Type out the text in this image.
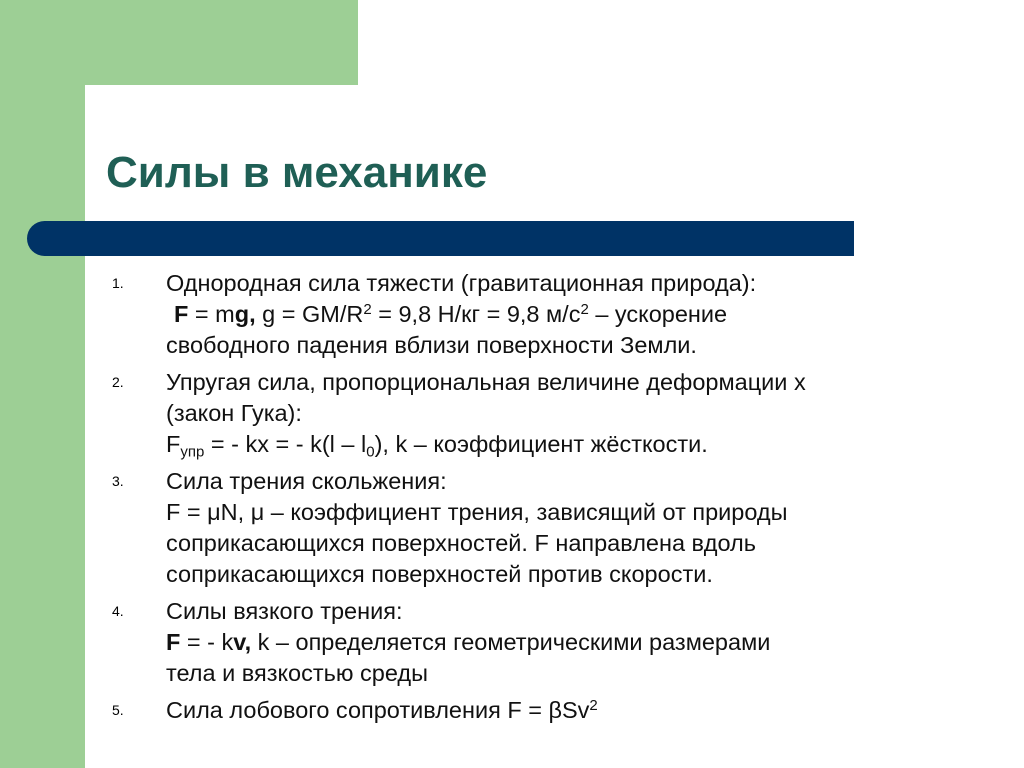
Силы в механике
1.	Однородная сила тяжести (гравитационная природа):
F = mg, $g = GM/R^2 = 9,8$ Н/кг = 9,8 $м/с^2$ – ускорение
свободного падения вблизи поверхности Земли.
2.	Упругая сила, пропорциональная величине деформации x
(закон Гука):
$F_{упр}$ = - kx = - $k(l - l_0)$, k – коэффициент жёсткости.
3.	Сила трения скольжения:
F = μN, μ – коэффициент трения, зависящий от природы
соприкасающихся поверхностей. F направлена вдоль
соприкасающихся поверхностей против скорости.
4.	Силы вязкого трения:
F = - kv, k – определяется геометрическими размерами
тела и вязкостью среды
5.	Сила лобового сопротивления F = βSv$^2$
